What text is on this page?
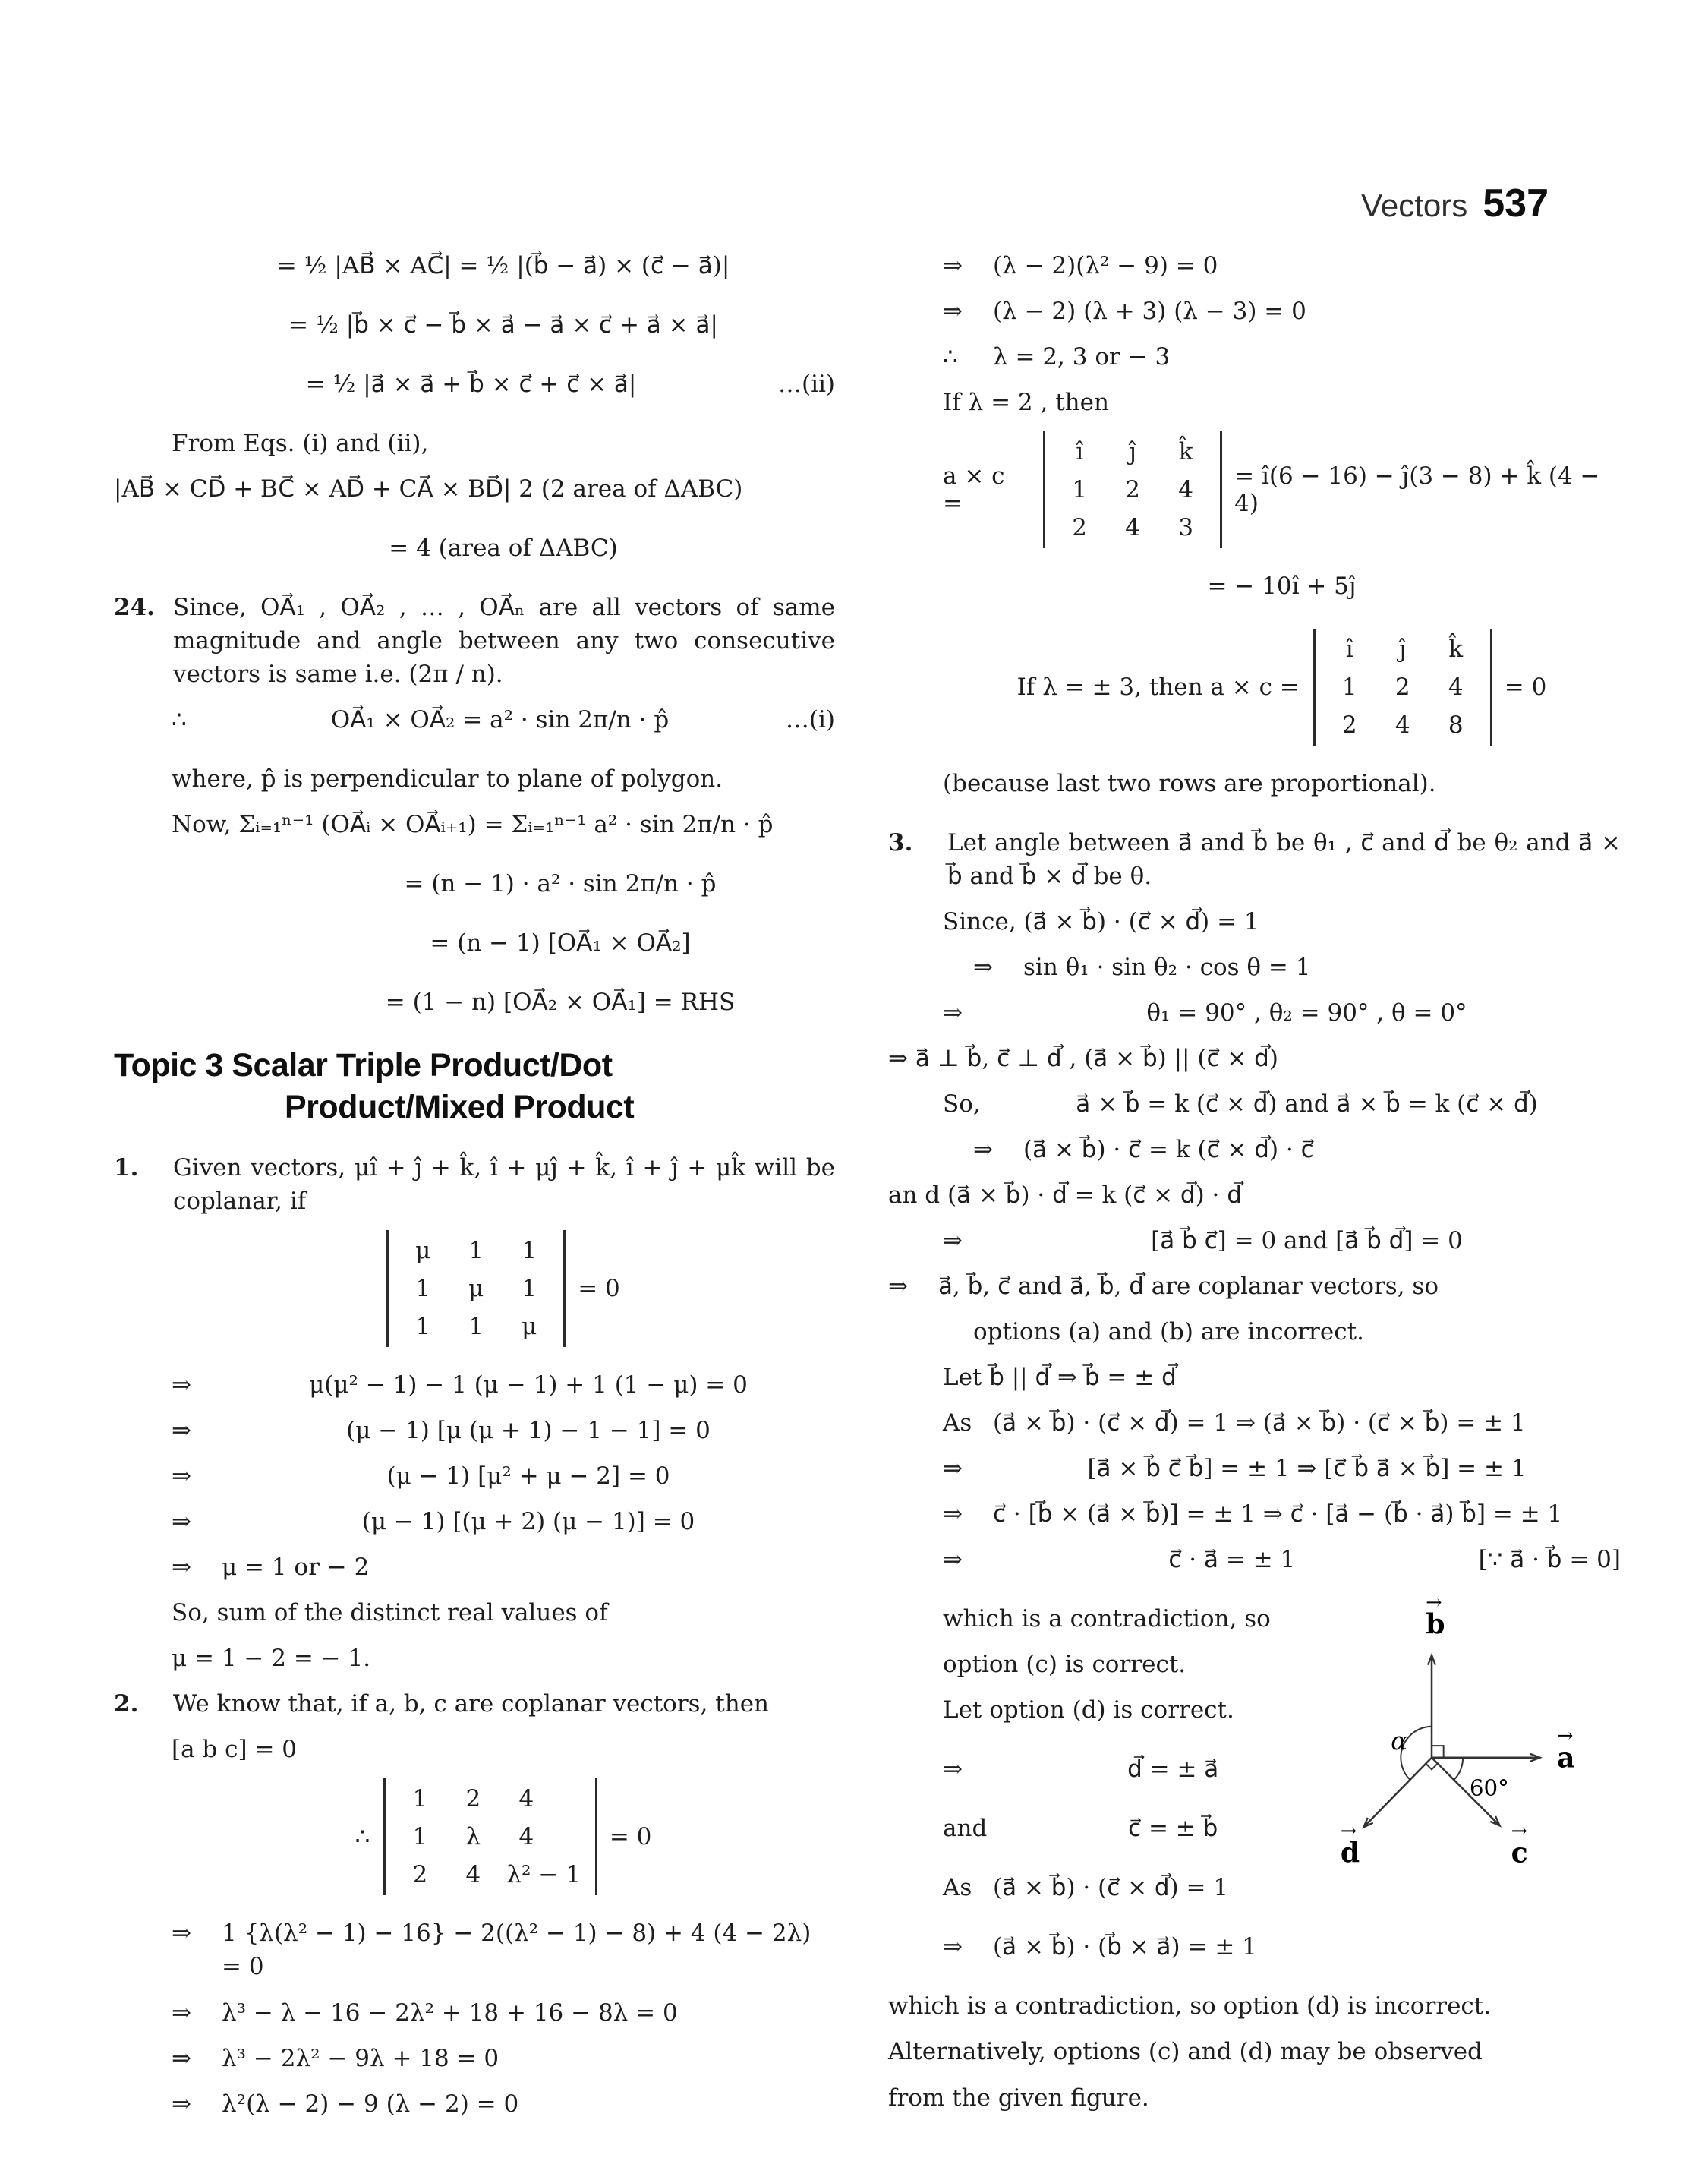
Vectors 537
= ½ |AB⃗ × AC⃗| = ½ |(b⃗ − a⃗) × (c⃗ − a⃗)|
= ½ |b⃗ × c⃗ − b⃗ × a⃗ − a⃗ × c⃗ + a⃗ × a⃗|
= ½ |a⃗ × a⃗ + b⃗ × c⃗ + c⃗ × a⃗|	…(ii)
From Eqs. (i) and (ii),
|AB⃗ × CD⃗ + BC⃗ × AD⃗ + CA⃗ × BD⃗| 2 (2 area of ΔABC)
= 4 (area of ΔABC)
24. Since, OA⃗₁ , OA⃗₂ , … , OA⃗ₙ are all vectors of same magnitude and angle between any two consecutive vectors is same i.e. (2π / n).
∴	OA⃗₁ × OA⃗₂ = a² · sin 2π/n · p̂	…(i)
where, p̂ is perpendicular to plane of polygon.
Now, Σᵢ₌₁ⁿ⁻¹ (OA⃗ᵢ × OA⃗ᵢ₊₁) = Σᵢ₌₁ⁿ⁻¹ a² · sin 2π/n · p̂
= (n − 1) · a² · sin 2π/n · p̂
= (n − 1) [OA⃗₁ × OA⃗₂]
= (1 − n) [OA⃗₂ × OA⃗₁] = RHS
Topic 3 Scalar Triple Product/Dot
Product/Mixed Product
1.	Given vectors, μî + ĵ + k̂, î + μĵ + k̂, î + ĵ + μk̂ will be coplanar, if
μ	1	1
1	μ	1
1	1	μ
= 0
⇒	μ(μ² − 1) − 1 (μ − 1) + 1 (1 − μ) = 0
⇒	(μ − 1) [μ (μ + 1) − 1 − 1] = 0
⇒	(μ − 1) [μ² + μ − 2] = 0
⇒	(μ − 1) [(μ + 2) (μ − 1)] = 0
⇒	μ = 1 or − 2
So, sum of the distinct real values of
μ = 1 − 2 = − 1.
2.	We know that, if a, b, c are coplanar vectors, then
[a b c] = 0
∴
1	2	4
1	λ	4
2	4	λ² − 1
= 0
⇒	1 {λ(λ² − 1) − 16} − 2((λ² − 1) − 8) + 4 (4 − 2λ) = 0
⇒	λ³ − λ − 16 − 2λ² + 18 + 16 − 8λ = 0
⇒	λ³ − 2λ² − 9λ + 18 = 0
⇒	λ²(λ − 2) − 9 (λ − 2) = 0
→
b
→
a
→
d
→
c
α
60°
⇒	(λ − 2)(λ² − 9) = 0
⇒	(λ − 2) (λ + 3) (λ − 3) = 0
∴	λ = 2, 3 or − 3
If λ = 2 , then
a × c =
î	ĵ	k̂
1	2	4
2	4	3
= î(6 − 16) − ĵ(3 − 8) + k̂ (4 − 4)
= − 10î + 5ĵ
If λ = ± 3, then a × c =
î	ĵ	k̂
1	2	4
2	4	8
= 0
(because last two rows are proportional).
3.	Let angle between a⃗ and b⃗ be θ₁ , c⃗ and d⃗ be θ₂ and a⃗ × b⃗ and b⃗ × d⃗ be θ.
Since, (a⃗ × b⃗) · (c⃗ × d⃗) = 1
⇒	sin θ₁ · sin θ₂ · cos θ = 1
⇒	θ₁ = 90° , θ₂ = 90° , θ = 0°
⇒ a⃗ ⊥ b⃗, c⃗ ⊥ d⃗ , (a⃗ × b⃗) || (c⃗ × d⃗)
So,	a⃗ × b⃗ = k (c⃗ × d⃗) and a⃗ × b⃗ = k (c⃗ × d⃗)
⇒	(a⃗ × b⃗) · c⃗ = k (c⃗ × d⃗) · c⃗
an d (a⃗ × b⃗) · d⃗ = k (c⃗ × d⃗) · d⃗
⇒	[a⃗ b⃗ c⃗] = 0 and [a⃗ b⃗ d⃗] = 0
⇒	a⃗, b⃗, c⃗ and a⃗, b⃗, d⃗ are coplanar vectors, so
options (a) and (b) are incorrect.
Let b⃗ || d⃗ ⇒ b⃗ = ± d⃗
As (a⃗ × b⃗) · (c⃗ × d⃗) = 1 ⇒ (a⃗ × b⃗) · (c⃗ × b⃗) = ± 1
⇒	[a⃗ × b⃗ c⃗ b⃗] = ± 1 ⇒ [c⃗ b⃗ a⃗ × b⃗] = ± 1
⇒	c⃗ · [b⃗ × (a⃗ × b⃗)] = ± 1 ⇒ c⃗ · [a⃗ − (b⃗ · a⃗) b⃗] = ± 1
⇒	c⃗ · a⃗ = ± 1	[∵ a⃗ · b⃗ = 0]
which is a contradiction, so
option (c) is correct.
Let option (d) is correct.
⇒	d⃗ = ± a⃗
and	c⃗ = ± b⃗
As (a⃗ × b⃗) · (c⃗ × d⃗) = 1
⇒	(a⃗ × b⃗) · (b⃗ × a⃗) = ± 1
which is a contradiction, so option (d) is incorrect.
Alternatively, options (c) and (d) may be observed
from the given figure.
